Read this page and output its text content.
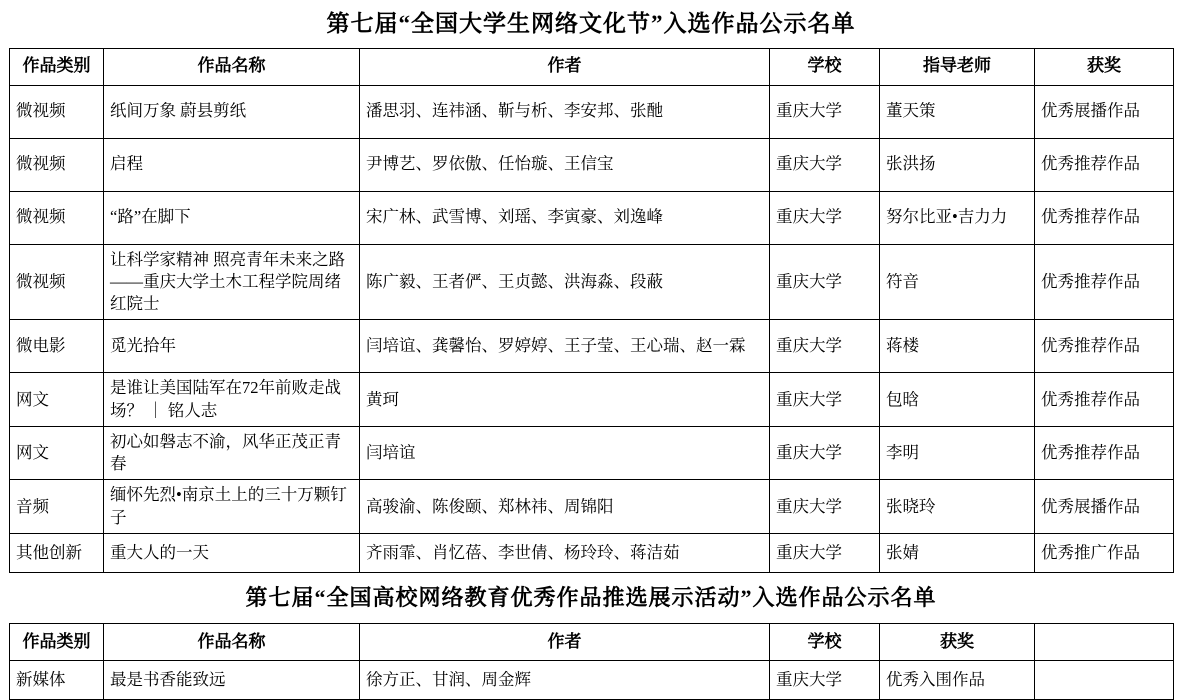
第七届“全国大学生网络文化节”入选作品公示名单
作品类别	作品名称	作者	学校	指导老师	获奖
微视频	纸间万象 蔚县剪纸	潘思羽、连祎涵、靳与析、李安邦、张酏	重庆大学	董天策	优秀展播作品
微视频	启程	尹博艺、罗依傲、任怡璇、王信宝	重庆大学	张洪扬	优秀推荐作品
微视频	“路”在脚下	宋广林、武雪博、刘瑶、李寅豪、刘逸峰	重庆大学	努尔比亚•吉力力	优秀推荐作品
微视频	让科学家精神 照亮青年未来之路——重庆大学土木工程学院周绪红院士	陈广毅、王者俨、王贞懿、洪海淼、段蔽	重庆大学	符音	优秀推荐作品
微电影	觅光拾年	闫培谊、龚馨怡、罗婷婷、王子莹、王心瑞、赵一霖	重庆大学	蒋楼	优秀推荐作品
网文	是谁让美国陆军在72年前败走战场？ ｜ 铭人志	黄珂	重庆大学	包晗	优秀推荐作品
网文	初心如磐志不渝，风华正茂正青春	闫培谊	重庆大学	李明	优秀推荐作品
音频	缅怀先烈•南京土上的三十万颗钉子	高骏渝、陈俊颐、郑林祎、周锦阳	重庆大学	张晓玲	优秀展播作品
其他创新	重大人的一天	齐雨霏、肖忆蓓、李世倩、杨玲玲、蒋洁茹	重庆大学	张婧	优秀推广作品
第七届“全国高校网络教育优秀作品推选展示活动”入选作品公示名单
作品类别	作品名称	作者	学校	获奖	
新媒体	最是书香能致远	徐方正、甘润、周金辉	重庆大学	优秀入围作品	
